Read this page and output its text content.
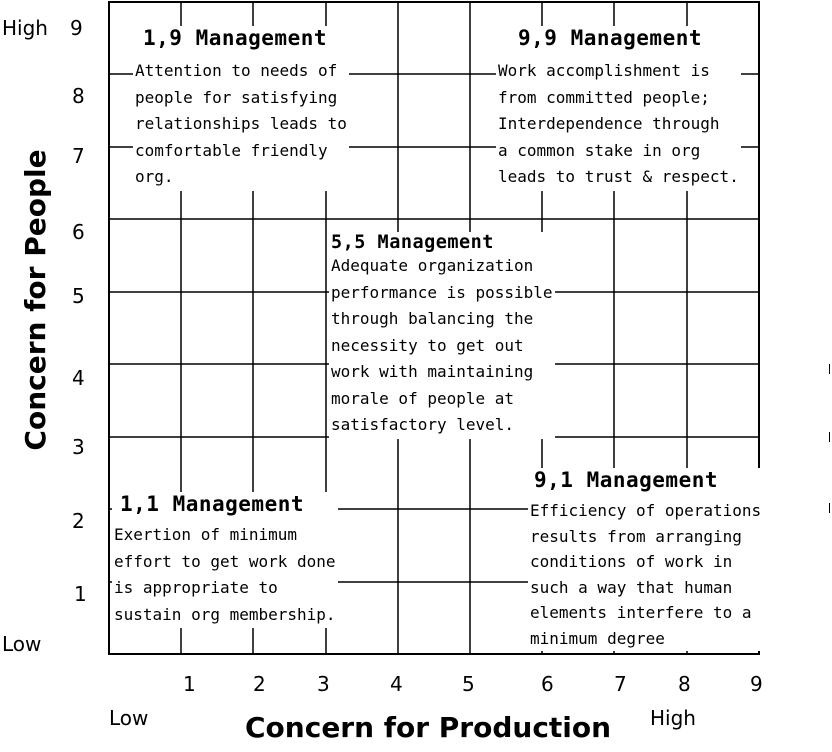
9
8
7
6
5
4
3
2
1
High
Low
Concern for People
1	2	3	4	5	6	7	8	9
Low	High
Concern for Production
1,9 Management
Attention to needs of
people for satisfying
relationships leads to
comfortable friendly
org.
9,9 Management
Work accomplishment is
from committed people;
Interdependence through
a common stake in org
leads to trust & respect.
5,5 Management
Adequate organization
performance is possible
through balancing the
necessity to get out
work with maintaining
morale of people at
satisfactory level.
1,1 Management
Exertion of minimum
effort to get work done
is appropriate to
sustain org membership.
9,1 Management
Efficiency of operations
results from arranging
conditions of work in
such a way that human
elements interfere to a
minimum degree
